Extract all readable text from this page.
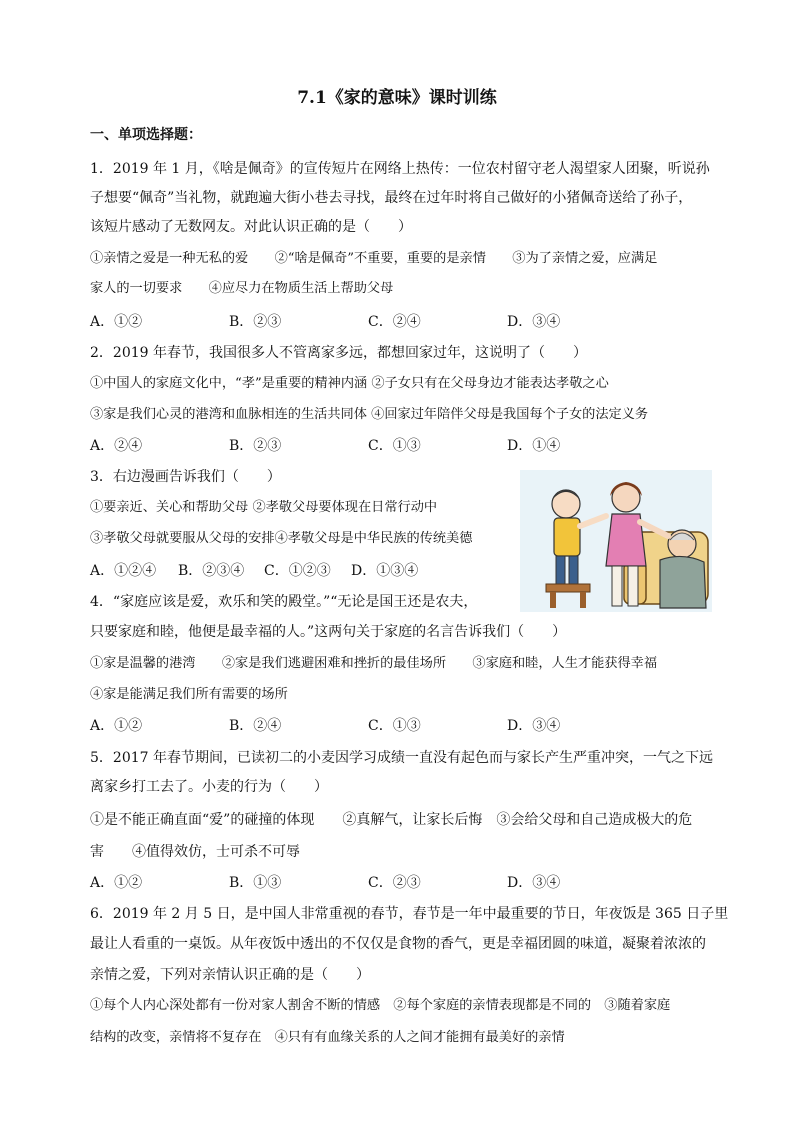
7.1《家的意味》课时训练
一、单项选择题：
1．2019 年 1 月，《啥是佩奇》的宣传短片在网络上热传：一位农村留守老人渴望家人团聚，听说孙
子想要“佩奇”当礼物，就跑遍大街小巷去寻找，最终在过年时将自己做好的小猪佩奇送给了孙子，
该短片感动了无数网友。对此认识正确的是（　　）
①亲情之爱是一种无私的爱　　②“啥是佩奇”不重要，重要的是亲情　　③为了亲情之爱，应满足
家人的一切要求　　④应尽力在物质生活上帮助父母
A．①②	B．②③	C．②④	D．③④
2．2019 年春节，我国很多人不管离家多远，都想回家过年，这说明了（　　）
①中国人的家庭文化中，“孝”是重要的精神内涵 ②子女只有在父母身边才能表达孝敬之心
③家是我们心灵的港湾和血脉相连的生活共同体 ④回家过年陪伴父母是我国每个子女的法定义务
A．②④	B．②③	C．①③	D．①④
3．右边漫画告诉我们（　　）
①要亲近、关心和帮助父母 ②孝敬父母要体现在日常行动中
③孝敬父母就要服从父母的安排④孝敬父母是中华民族的传统美德
A．①②④ B．②③④ C．①②③ D．①③④
4．“家庭应该是爱，欢乐和笑的殿堂。”“无论是国王还是农夫，
只要家庭和睦，他便是最幸福的人。”这两句关于家庭的名言告诉我们（　　）
①家是温馨的港湾　　②家是我们逃避困难和挫折的最佳场所　　③家庭和睦，人生才能获得幸福
④家是能满足我们所有需要的场所
A．①②	B．②④	C．①③	D．③④
5．2017 年春节期间，已读初二的小麦因学习成绩一直没有起色而与家长产生严重冲突，一气之下远
离家乡打工去了。小麦的行为（　　）
①是不能正确直面“爱”的碰撞的体现　　②真解气，让家长后悔　③会给父母和自己造成极大的危
害　　④值得效仿，士可杀不可辱
A．①②	B．①③	C．②③	D．③④
6．2019 年 2 月 5 日，是中国人非常重视的春节，春节是一年中最重要的节日，年夜饭是 365 日子里
最让人看重的一桌饭。从年夜饭中透出的不仅仅是食物的香气，更是幸福团圆的味道，凝聚着浓浓的
亲情之爱，下列对亲情认识正确的是（　　）
①每个人内心深处都有一份对家人割舍不断的情感　②每个家庭的亲情表现都是不同的　③随着家庭
结构的改变，亲情将不复存在　④只有有血缘关系的人之间才能拥有最美好的亲情
